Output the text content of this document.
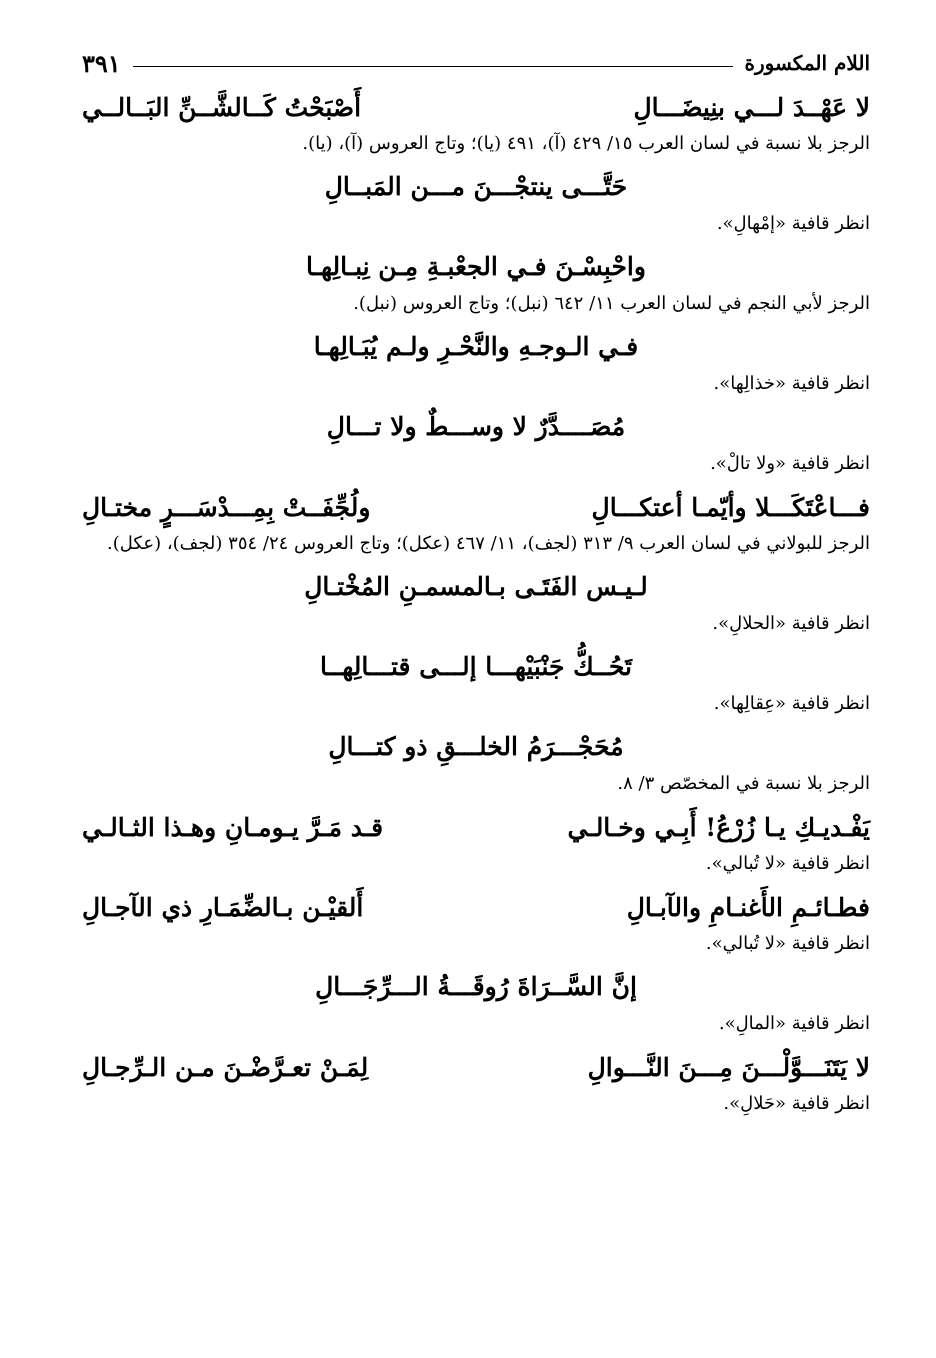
اللام المكسورة
٣٩١
لا عَهْــدَ لـــي بنِيضَـــالِ
أَصْبَحْتُ كَــالشَّــنِّ البَــالــي
الرجز بلا نسبة في لسان العرب ١٥/ ٤٢٩ (آ)، ٤٩١ (يا)؛ وتاج العروس (آ)، (يا).
حَتَّـــى ينتجْـــنَ مـــن المَبــالِ
انظر قافية «إمْهالِ».
واحْبِسْـنَ فـي الجعْبـةِ مِـن نِبـالِهـا
الرجز لأبي النجم في لسان العرب ١١/ ٦٤٢ (نبل)؛ وتاج العروس (نبل).
فـي الـوجـهِ والنَّحْـرِ ولـم يُبَـالِهـا
انظر قافية «خذالِها».
مُصَــــدَّرٌ لا وســـطٌ ولا تـــالِ
انظر قافية «ولا تالْ».
فـــاعْتَكَـــلا وأيّمـا أعتكـــالِ
ولُجِّفَــتْ بِمِـــدْسَـــرٍ مختـالِ
الرجز للبولاني في لسان العرب ٩/ ٣١٣ (لجف)، ١١/ ٤٦٧ (عكل)؛ وتاج العروس ٢٤/ ٣٥٤ (لجف)، (عكل).
لـيـس الفَتَـى بـالمسمـنِ المُخْتـالِ
انظر قافية «الحلالِ».
تَحُــكُّ جَنْبَيْهـــا إلـــى قتـــالِهــا
انظر قافية «عِقالِها».
مُحَجْـــرَمُ الخلـــقِ ذو كتـــالِ
الرجز بلا نسبة في المخصّص ٣/ ٨.
يَفْـديـكِ يـا زُرْعُ! أَبِـي وخـالـي
قـد مَـرَّ يـومـانِ وهـذا الثـالـي
انظر قافية «لا تُبالي».
فطـائـمِ الأَغنـامِ والآبـالِ
أَلقيْـن بـالضِّمَـارِ ذي الآجـالِ
انظر قافية «لا تُبالي».
إنَّ السَّــرَاةَ رُوقَـــةُ الـــرِّجَـــالِ
انظر قافية «المالِ».
لا يَتَنَـــوَّلْـــنَ مِـــنَ النَّـــوالِ
لِمَـنْ تعـرَّضْـنَ مـن الـرِّجـالِ
انظر قافية «حَلالِ».
